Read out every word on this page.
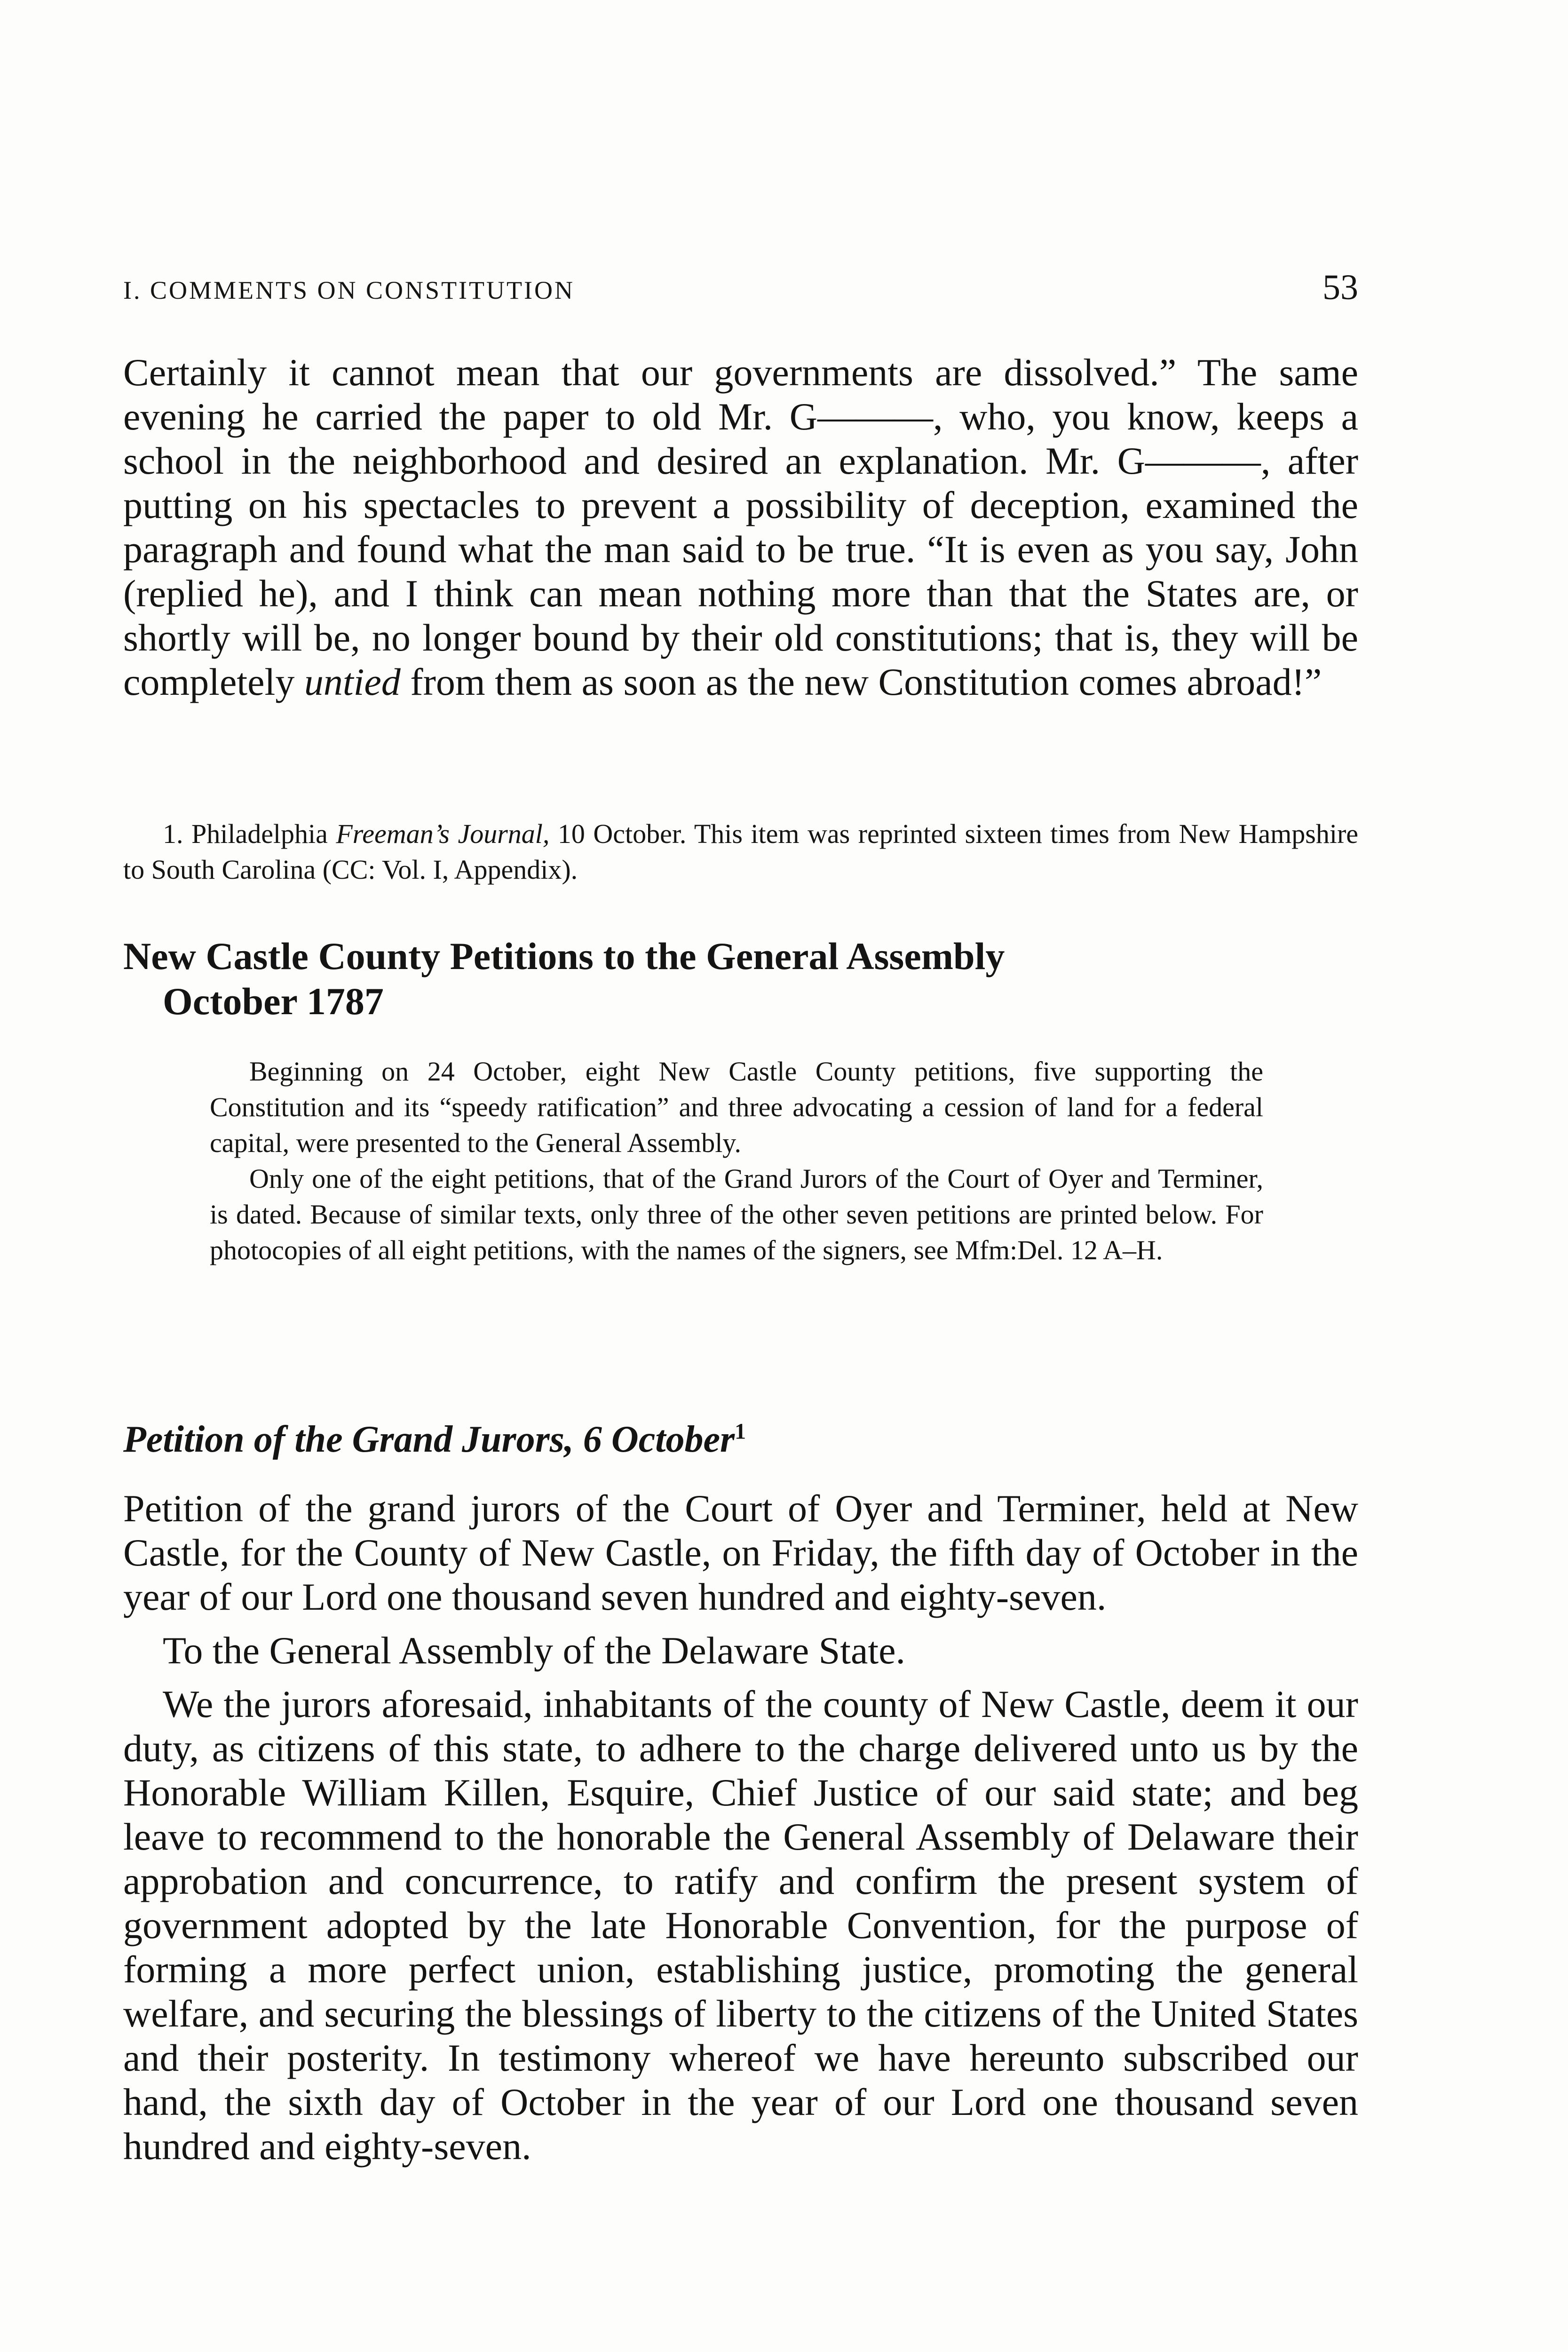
I. COMMENTS ON CONSTITUTION	53

Certainly it cannot mean that our governments are dissolved.” The same evening he carried the paper to old Mr. G———, who, you know, keeps a school in the neighborhood and desired an explanation. Mr. G———, after putting on his spectacles to prevent a possibility of deception, examined the paragraph and found what the man said to be true. “It is even as you say, John (replied he), and I think can mean nothing more than that the States are, or shortly will be, no longer bound by their old constitutions; that is, they will be completely untied from them as soon as the new Constitution comes abroad!”

1. Philadelphia Freeman’s Journal, 10 October. This item was reprinted sixteen times from New Hampshire to South Carolina (CC: Vol. I, Appendix).

New Castle County Petitions to the General Assembly
October 1787

Beginning on 24 October, eight New Castle County petitions, five supporting the Constitution and its “speedy ratification” and three advocating a cession of land for a federal capital, were presented to the General Assembly.

Only one of the eight petitions, that of the Grand Jurors of the Court of Oyer and Terminer, is dated. Because of similar texts, only three of the other seven petitions are printed below. For photocopies of all eight petitions, with the names of the signers, see Mfm:Del. 12 A–H.

Petition of the Grand Jurors, 6 October$^1$

Petition of the grand jurors of the Court of Oyer and Terminer, held at New Castle, for the County of New Castle, on Friday, the fifth day of October in the year of our Lord one thousand seven hundred and eighty-seven.

To the General Assembly of the Delaware State.

We the jurors aforesaid, inhabitants of the county of New Castle, deem it our duty, as citizens of this state, to adhere to the charge delivered unto us by the Honorable William Killen, Esquire, Chief Justice of our said state; and beg leave to recommend to the honorable the General Assembly of Delaware their approbation and concurrence, to ratify and confirm the present system of government adopted by the late Honorable Convention, for the purpose of forming a more perfect union, establishing justice, promoting the general welfare, and securing the blessings of liberty to the citizens of the United States and their posterity. In testimony whereof we have hereunto subscribed our hand, the sixth day of October in the year of our Lord one thousand seven hundred and eighty-seven.
